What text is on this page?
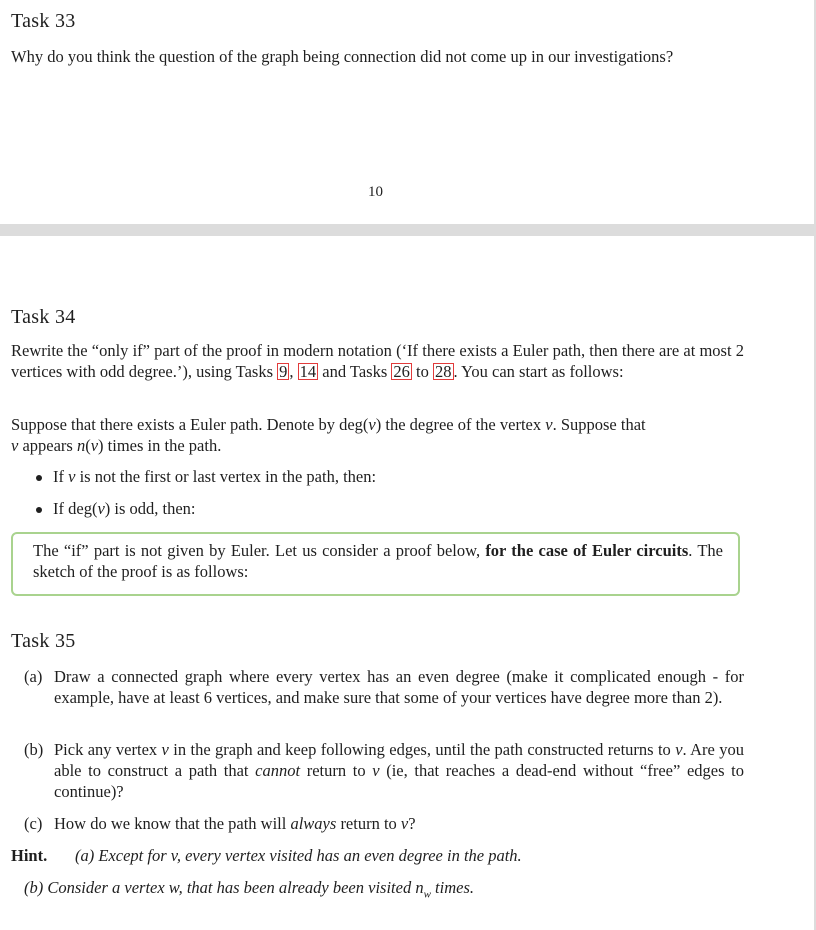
Task 33
Why do you think the question of the graph being connection did not come up in our investigations?
10
Task 34
Rewrite the “only if” part of the proof in modern notation (‘If there exists a Euler path, then there are at most 2 vertices with odd degree.’), using Tasks 9 , 14 and Tasks 26 to 28 . You can start as follows:
Suppose that there exists a Euler path. Denote by deg(v) the degree of the vertex v. Suppose that
v appears n(v) times in the path.
If v is not the first or last vertex in the path, then:
If deg(v) is odd, then:
The “if” part is not given by Euler. Let us consider a proof below, for the case of Euler circuits. The sketch of the proof is as follows:
Task 35
(a) Draw a connected graph where every vertex has an even degree (make it complicated enough - for example, have at least 6 vertices, and make sure that some of your vertices have degree more than 2).
(b) Pick any vertex v in the graph and keep following edges, until the path constructed returns to v. Are you able to construct a path that cannot return to v (ie, that reaches a dead-end without “free” edges to continue)?
(c) How do we know that the path will always return to v?
Hint. (a) Except for v, every vertex visited has an even degree in the path.
(b) Consider a vertex w, that has been already been visited $n_w$ times.
